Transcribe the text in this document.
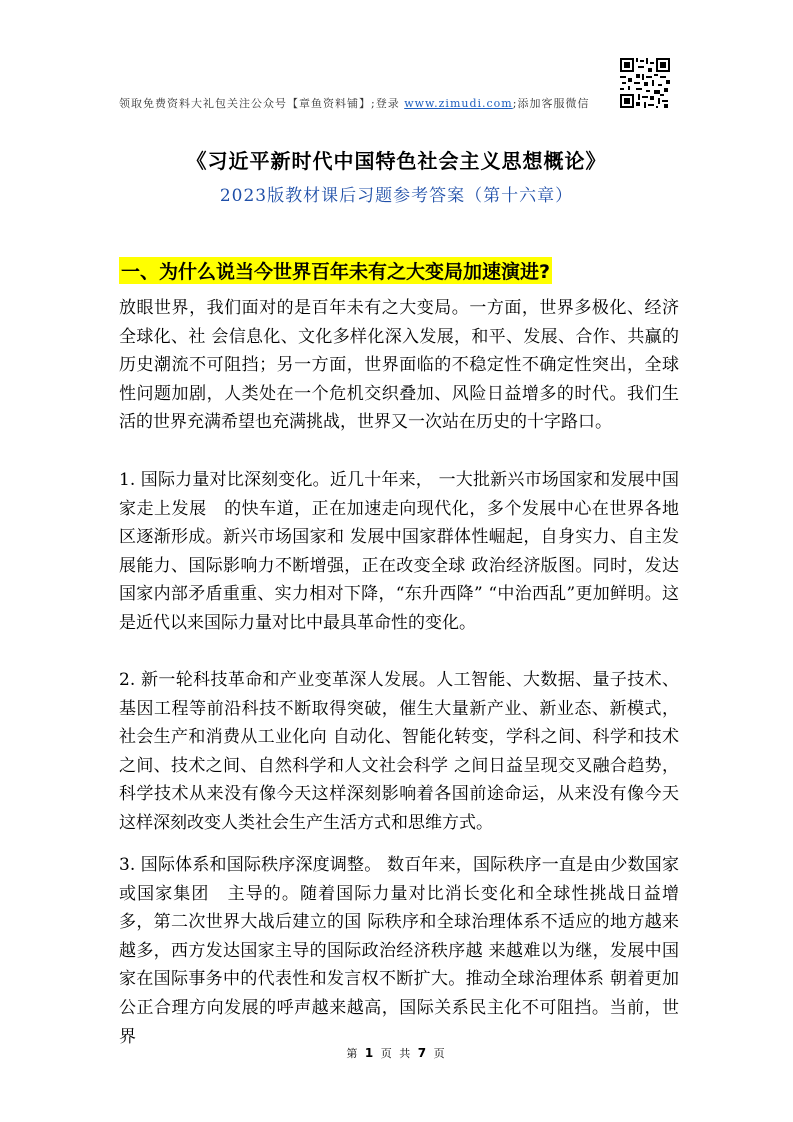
领取免费资料大礼包关注公众号【章鱼资料铺】;登录 www.zimudi.com;添加客服微信
《习近平新时代中国特色社会主义思想概论》
2023版教材课后习题参考答案（第十六章）
一、为什么说当今世界百年未有之大变局加速演进?
放眼世界，我们面对的是百年未有之大变局。一方面，世界多极化、经济全球化、社 会信息化、文化多样化深入发展，和平、发展、合作、共赢的历史潮流不可阻挡；另一方面，世界面临的不稳定性不确定性突出，全球性问题加剧，人类处在一个危机交织叠加、风险日益增多的时代。我们生活的世界充满希望也充满挑战，世界又一次站在历史的十字路口。
1. 国际力量对比深刻变化。近几十年来， 一大批新兴市场国家和发展中国家走上发展　的快车道，正在加速走向现代化，多个发展中心在世界各地区逐渐形成。新兴市场国家和 发展中国家群体性崛起，自身实力、自主发展能力、国际影响力不断增强，正在改变全球 政治经济版图。同时，发达国家内部矛盾重重、实力相对下降，“东升西降” “中治西乱”更加鲜明。这是近代以来国际力量对比中最具革命性的变化。
2. 新一轮科技革命和产业变革深人发展。人工智能、大数据、量子技术、基因工程等前沿科技不断取得突破，催生大量新产业、新业态、新模式，社会生产和消费从工业化向 自动化、智能化转变，学科之间、科学和技术之间、技术之间、自然科学和人文社会科学 之间日益呈现交叉融合趋势，科学技术从来没有像今天这样深刻影响着各国前途命运，从来没有像今天这样深刻改变人类社会生产生活方式和思维方式。
3. 国际体系和国际秩序深度调整。 数百年来，国际秩序一直是由少数国家或国家集团　主导的。随着国际力量对比消长变化和全球性挑战日益增多，第二次世界大战后建立的国 际秩序和全球治理体系不适应的地方越来越多，西方发达国家主导的国际政治经济秩序越 来越难以为继，发展中国家在国际事务中的代表性和发言权不断扩大。推动全球治理体系 朝着更加公正合理方向发展的呼声越来越高，国际关系民主化不可阻挡。当前，世界
第 1 页 共 7 页
